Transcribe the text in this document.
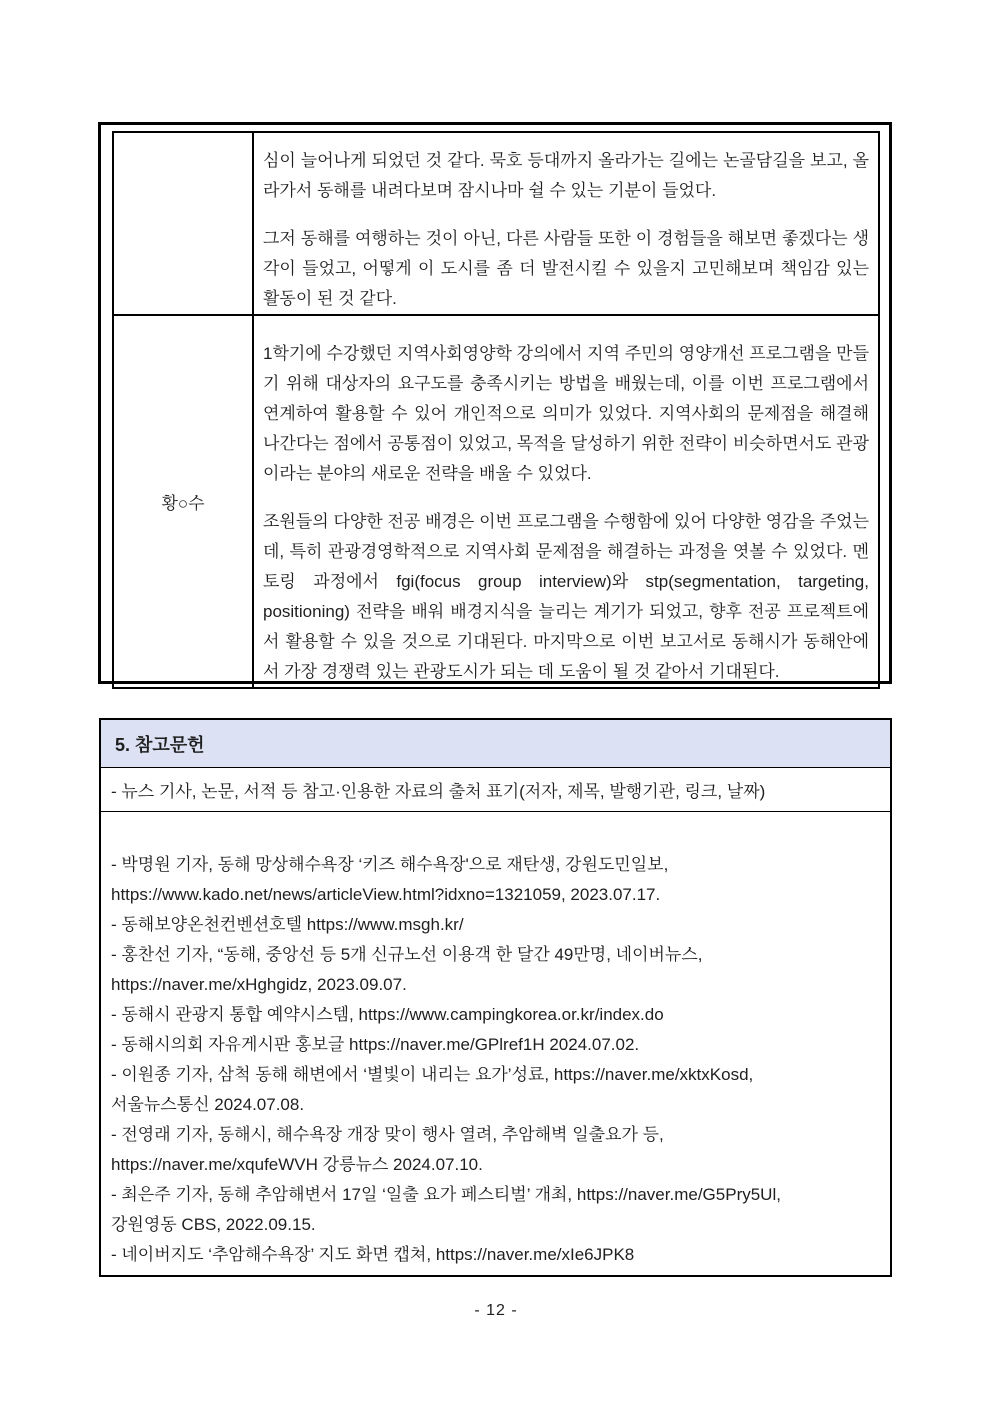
심이 늘어나게 되었던 것 같다. 묵호 등대까지 올라가는 길에는 논골담길을 보고, 올라가서 동해를 내려다보며 잠시나마 쉴 수 있는 기분이 들었다.
그저 동해를 여행하는 것이 아닌, 다른 사람들 또한 이 경험들을 해보면 좋겠다는 생각이 들었고, 어떻게 이 도시를 좀 더 발전시킬 수 있을지 고민해보며 책임감 있는 활동이 된 것 같다.

황○수	
1학기에 수강했던 지역사회영양학 강의에서 지역 주민의 영양개선 프로그램을 만들기 위해 대상자의 요구도를 충족시키는 방법을 배웠는데, 이를 이번 프로그램에서 연계하여 활용할 수 있어 개인적으로 의미가 있었다. 지역사회의 문제점을 해결해 나간다는 점에서 공통점이 있었고, 목적을 달성하기 위한 전략이 비슷하면서도 관광이라는 분야의 새로운 전략을 배울 수 있었다.
조원들의 다양한 전공 배경은 이번 프로그램을 수행함에 있어 다양한 영감을 주었는데, 특히 관광경영학적으로 지역사회 문제점을 해결하는 과정을 엿볼 수 있었다. 멘토링 과정에서 fgi(focus group interview)와 stp(segmentation, targeting, positioning) 전략을 배워 배경지식을 늘리는 계기가 되었고, 향후 전공 프로젝트에서 활용할 수 있을 것으로 기대된다. 마지막으로 이번 보고서로 동해시가 동해안에서 가장 경쟁력 있는 관광도시가 되는 데 도움이 될 것 같아서 기대된다.
5. 참고문헌
- 뉴스 기사, 논문, 서적 등 참고·인용한 자료의 출처 표기(저자, 제목, 발행기관, 링크, 날짜)
- 박명원 기자, 동해 망상해수욕장 ‘키즈 해수욕장'으로 재탄생, 강원도민일보,
https://www.kado.net/news/articleView.html?idxno=1321059, 2023.07.17.
- 동해보양온천컨벤션호텔 https://www.msgh.kr/
- 홍찬선 기자, “동해, 중앙선 등 5개 신규노선 이용객 한 달간 49만명, 네이버뉴스,
https://naver.me/xHghgidz, 2023.09.07.
- 동해시 관광지 통합 예약시스템, https://www.campingkorea.or.kr/index.do
- 동해시의회 자유게시판 홍보글 https://naver.me/GPlref1H 2024.07.02.
- 이원종 기자, 삼척 동해 해변에서 ‘별빛이 내리는 요가’성료, https://naver.me/xktxKosd,
서울뉴스통신 2024.07.08.
- 전영래 기자, 동해시, 해수욕장 개장 맞이 행사 열려, 추암해벽 일출요가 등,
https://naver.me/xqufeWVH 강릉뉴스 2024.07.10.
- 최은주 기자, 동해 추암해변서 17일 ‘일출 요가 페스티벌’ 개최, https://naver.me/G5Pry5Ul,
강원영동 CBS, 2022.09.15.
- 네이버지도 ‘추암해수욕장’ 지도 화면 캡쳐, https://naver.me/xIe6JPK8
- 12 -
